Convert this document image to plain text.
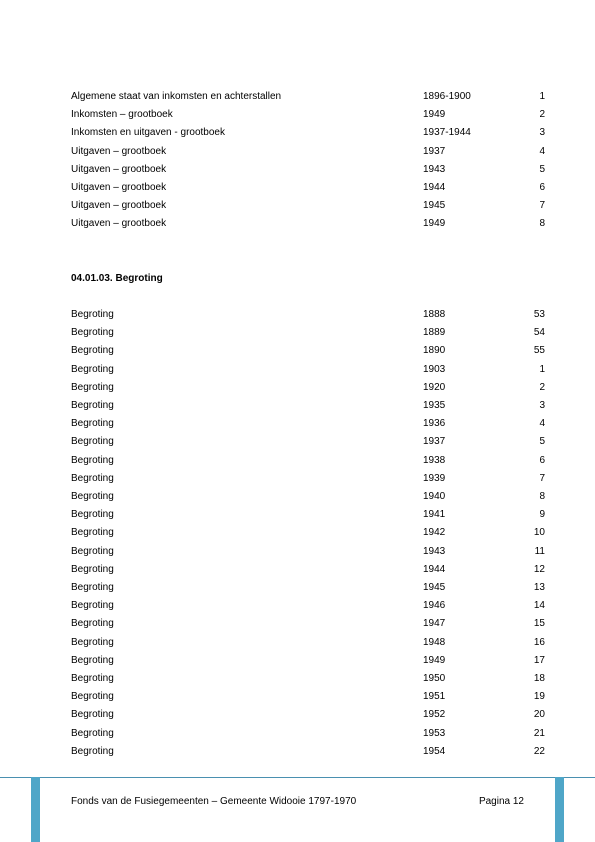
Algemene staat van inkomsten en achterstallen	1896-1900	1
Inkomsten – grootboek	1949	2
Inkomsten en uitgaven - grootboek	1937-1944	3
Uitgaven – grootboek	1937	4
Uitgaven – grootboek	1943	5
Uitgaven – grootboek	1944	6
Uitgaven – grootboek	1945	7
Uitgaven – grootboek	1949	8
04.01.03. Begroting
Begroting	1888	53
Begroting	1889	54
Begroting	1890	55
Begroting	1903	1
Begroting	1920	2
Begroting	1935	3
Begroting	1936	4
Begroting	1937	5
Begroting	1938	6
Begroting	1939	7
Begroting	1940	8
Begroting	1941	9
Begroting	1942	10
Begroting	1943	11
Begroting	1944	12
Begroting	1945	13
Begroting	1946	14
Begroting	1947	15
Begroting	1948	16
Begroting	1949	17
Begroting	1950	18
Begroting	1951	19
Begroting	1952	20
Begroting	1953	21
Begroting	1954	22
Fonds van de Fusiegemeenten – Gemeente Widooie 1797-1970	Pagina 12
